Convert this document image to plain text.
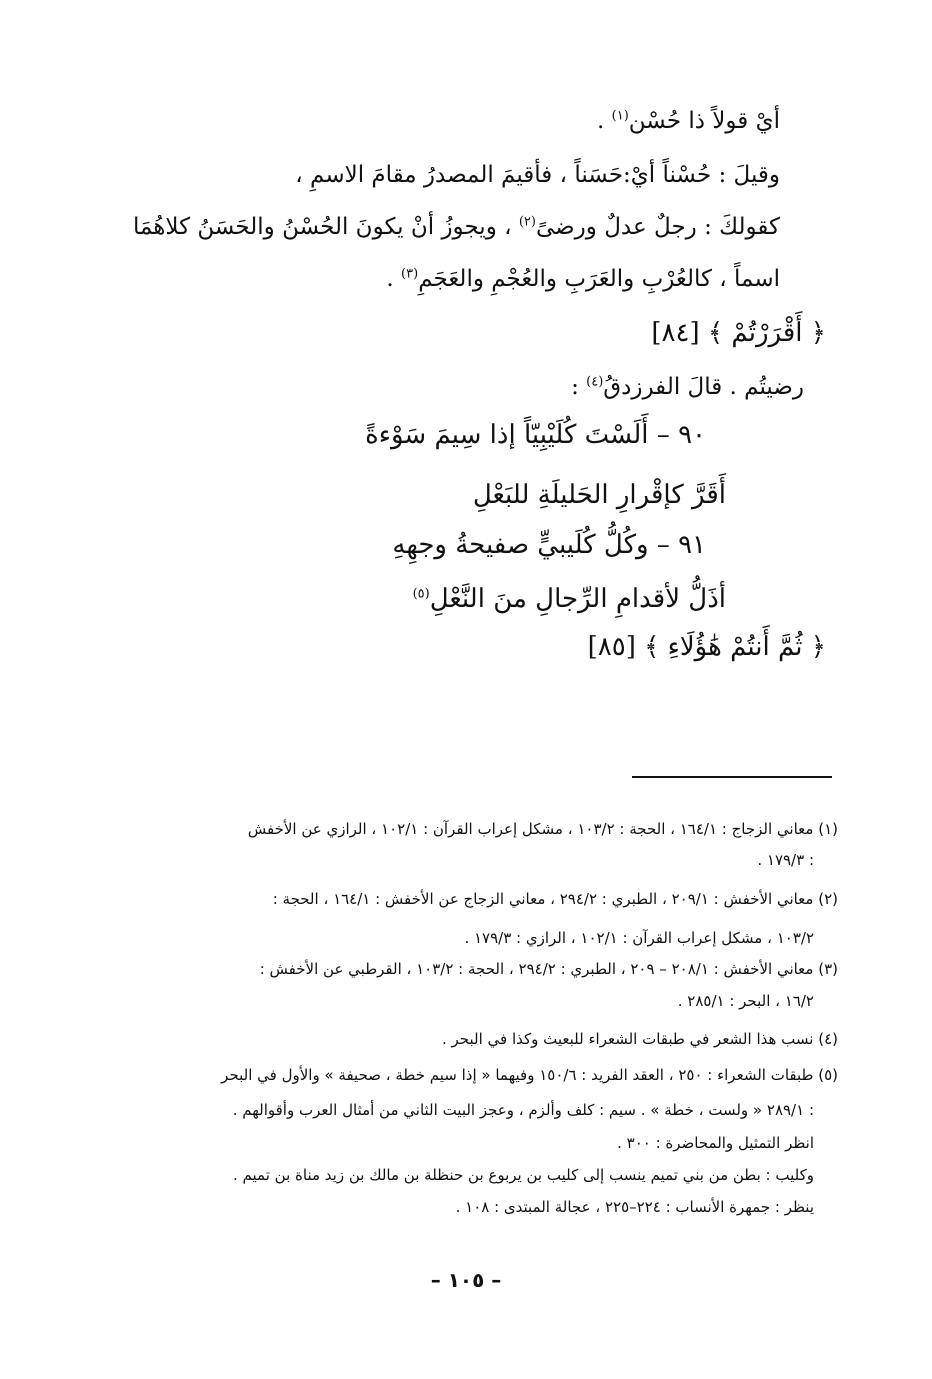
أيْ قولاً ذا حُسْن$^{(١)}$ .
وقيلَ : حُسْناً أيْ:حَسَناً ، فأقيمَ المصدرُ مقامَ الاسمِ ،
كقولكَ : رجلٌ عدلٌ ورضىً$^{(٢)}$ ، ويجوزُ أنْ يكونَ الحُسْنُ والحَسَنُ كلاهُمَا
اسماً ، كالعُرْبِ والعَرَبِ والعُجْمِ والعَجَمِ$^{(٣)}$ .
﴿ أَقْرَرْتُمْ ﴾ [٨٤]
رضيتُم . قالَ الفرزدقُ$^{(٤)}$ :
٩٠ – أَلَسْتَ كُلَيْبِيّاً إذا سِيمَ سَوْءةً
أَقَرَّ كإقْرارِ الحَليلَةِ للبَعْلِ
٩١ – وكُلُّ كُلَيبيٍّ صفيحةُ وجهِهِ
أذَلُّ لأقدامِ الرِّجالِ منَ النَّعْلِ$^{(٥)}$
﴿ ثُمَّ أَنتُمْ هَٰؤُلَاءِ ﴾ [٨٥]
(١) معاني الزجاج : ١٦٤/١ ، الحجة : ١٠٣/٢ ، مشكل إعراب القرآن : ١٠٢/١ ، الرازي عن الأخفش
: ١٧٩/٣ .
(٢) معاني الأخفش : ٢٠٩/١ ، الطبري : ٢٩٤/٢ ، معاني الزجاج عن الأخفش : ١٦٤/١ ، الحجة :
١٠٣/٢ ، مشكل إعراب القرآن : ١٠٢/١ ، الرازي : ١٧٩/٣ .
(٣) معاني الأخفش : ٢٠٨/١ – ٢٠٩ ، الطبري : ٢٩٤/٢ ، الحجة : ١٠٣/٢ ، القرطبي عن الأخفش :
١٦/٢ ، البحر : ٢٨٥/١ .
(٤) نسب هذا الشعر في طبقات الشعراء للبعيث وكذا في البحر .
(٥) طبقات الشعراء : ٢٥٠ ، العقد الفريد : ١٥٠/٦ وفيهما « إذا سيم خطة ، صحيفة » والأول في البحر
: ٢٨٩/١ « ولست ، خطة » . سيم : كلف وألزم ، وعجز البيت الثاني من أمثال العرب وأقوالهم .
انظر التمثيل والمحاضرة : ٣٠٠ .
وكليب : بطن من بني تميم ينسب إلى كليب بن يربوع بن حنظلة بن مالك بن زيد مناة بن تميم .
ينظر : جمهرة الأنساب : ٢٢٤–٢٢٥ ، عجالة المبتدى : ١٠٨ .
– ١٠٥ –
